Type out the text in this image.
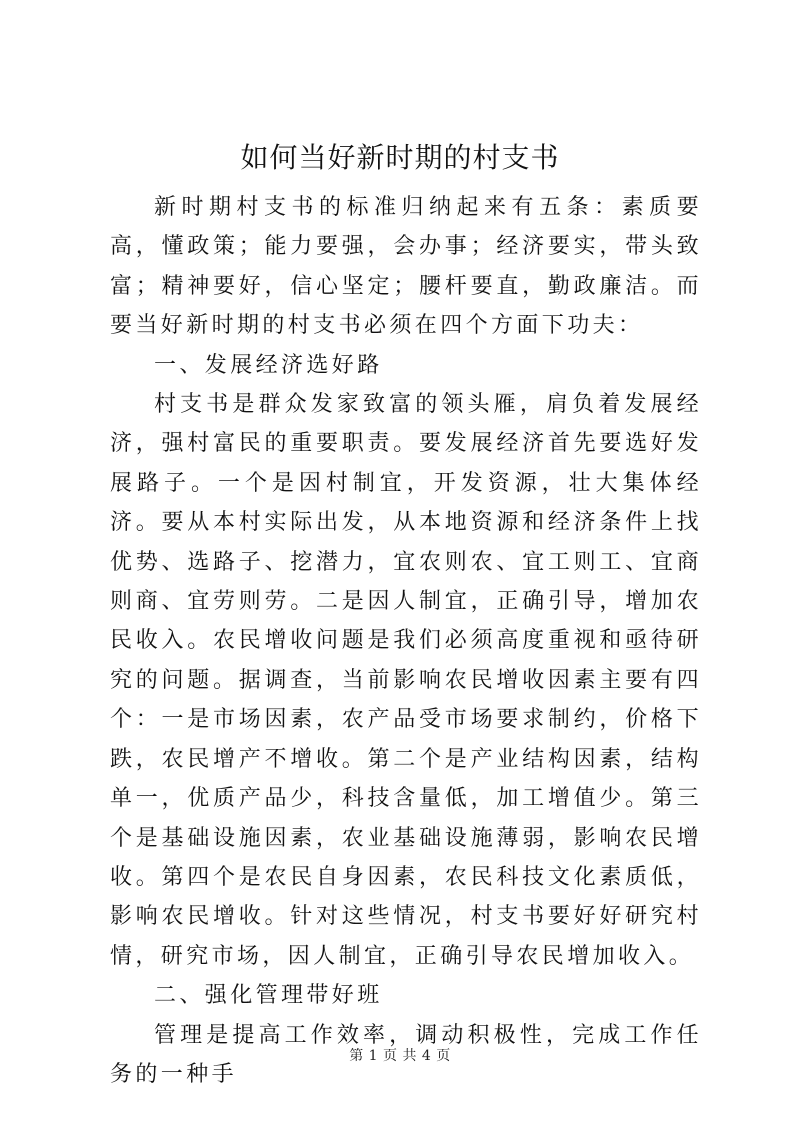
如何当好新时期的村支书

新时期村支书的标准归纳起来有五条：素质要高，懂政策；能力要强，会办事；经济要实，带头致富；精神要好，信心坚定；腰杆要直，勤政廉洁。而要当好新时期的村支书必须在四个方面下功夫：

一、发展经济选好路

村支书是群众发家致富的领头雁，肩负着发展经济，强村富民的重要职责。要发展经济首先要选好发展路子。一个是因村制宜，开发资源，壮大集体经济。要从本村实际出发，从本地资源和经济条件上找优势、选路子、挖潜力，宜农则农、宜工则工、宜商则商、宜劳则劳。二是因人制宜，正确引导，增加农民收入。农民增收问题是我们必须高度重视和亟待研究的问题。据调查，当前影响农民增收因素主要有四个：一是市场因素，农产品受市场要求制约，价格下跌，农民增产不增收。第二个是产业结构因素，结构单一，优质产品少，科技含量低，加工增值少。第三个是基础设施因素，农业基础设施薄弱，影响农民增收。第四个是农民自身因素，农民科技文化素质低，影响农民增收。针对这些情况，村支书要好好研究村情，研究市场，因人制宜，正确引导农民增加收入。

二、强化管理带好班

管理是提高工作效率，调动积极性，完成工作任务的一种手

第 1 页 共 4 页
